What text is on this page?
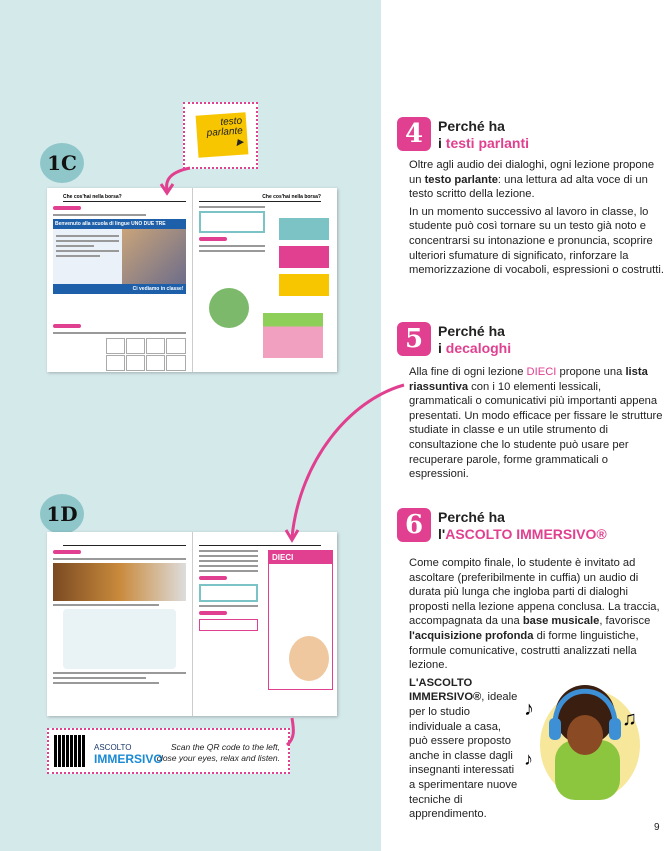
1C
testo
parlante
▶
Che cos'hai nella borsa?
Benvenuto alla scuola di lingue UNO DUE TRE
Ci vediamo in classe!
Che cos'hai nella borsa?
1D
DIECI
ASCOLTO
IMMERSIVO
Scan the QR code to the left,
close your eyes, relax and listen.
♪	♫
♪
4	Perché ha
i testi parlanti

Oltre agli audio dei dialoghi, ogni lezione propone un testo parlante: una lettura ad alta voce di un testo scritto della lezione.

In un momento successivo al lavoro in classe, lo studente può così tornare su un testo già noto e concentrarsi su intonazione e pronuncia, scoprire ulteriori sfumature di significato, rinforzare la memorizzazione di vocaboli, espressioni o costrutti.

5	Perché ha
i decaloghi

Alla fine di ogni lezione DIECI propone una lista riassuntiva con i 10 elementi lessicali, grammaticali o comunicativi più importanti appena presentati. Un modo efficace per fissare le strutture studiate in classe e un utile strumento di consultazione che lo studente può usare per recuperare parole, forme grammaticali o espressioni.

6	Perché ha
l'ASCOLTO IMMERSIVO®

Come compito finale, lo studente è invitato ad ascoltare (preferibilmente in cuffia) un audio di durata più lunga che ingloba parti di dialoghi proposti nella lezione appena conclusa. La traccia, accompagnata da una base musicale, favorisce l'acquisizione profonda di forme linguistiche, formule comunicative, costrutti analizzati nella lezione.

L'ASCOLTO IMMERSIVO®, ideale per lo studio individuale a casa, può essere proposto anche in classe dagli insegnanti interessati a sperimentare nuove tecniche di apprendimento.

9
